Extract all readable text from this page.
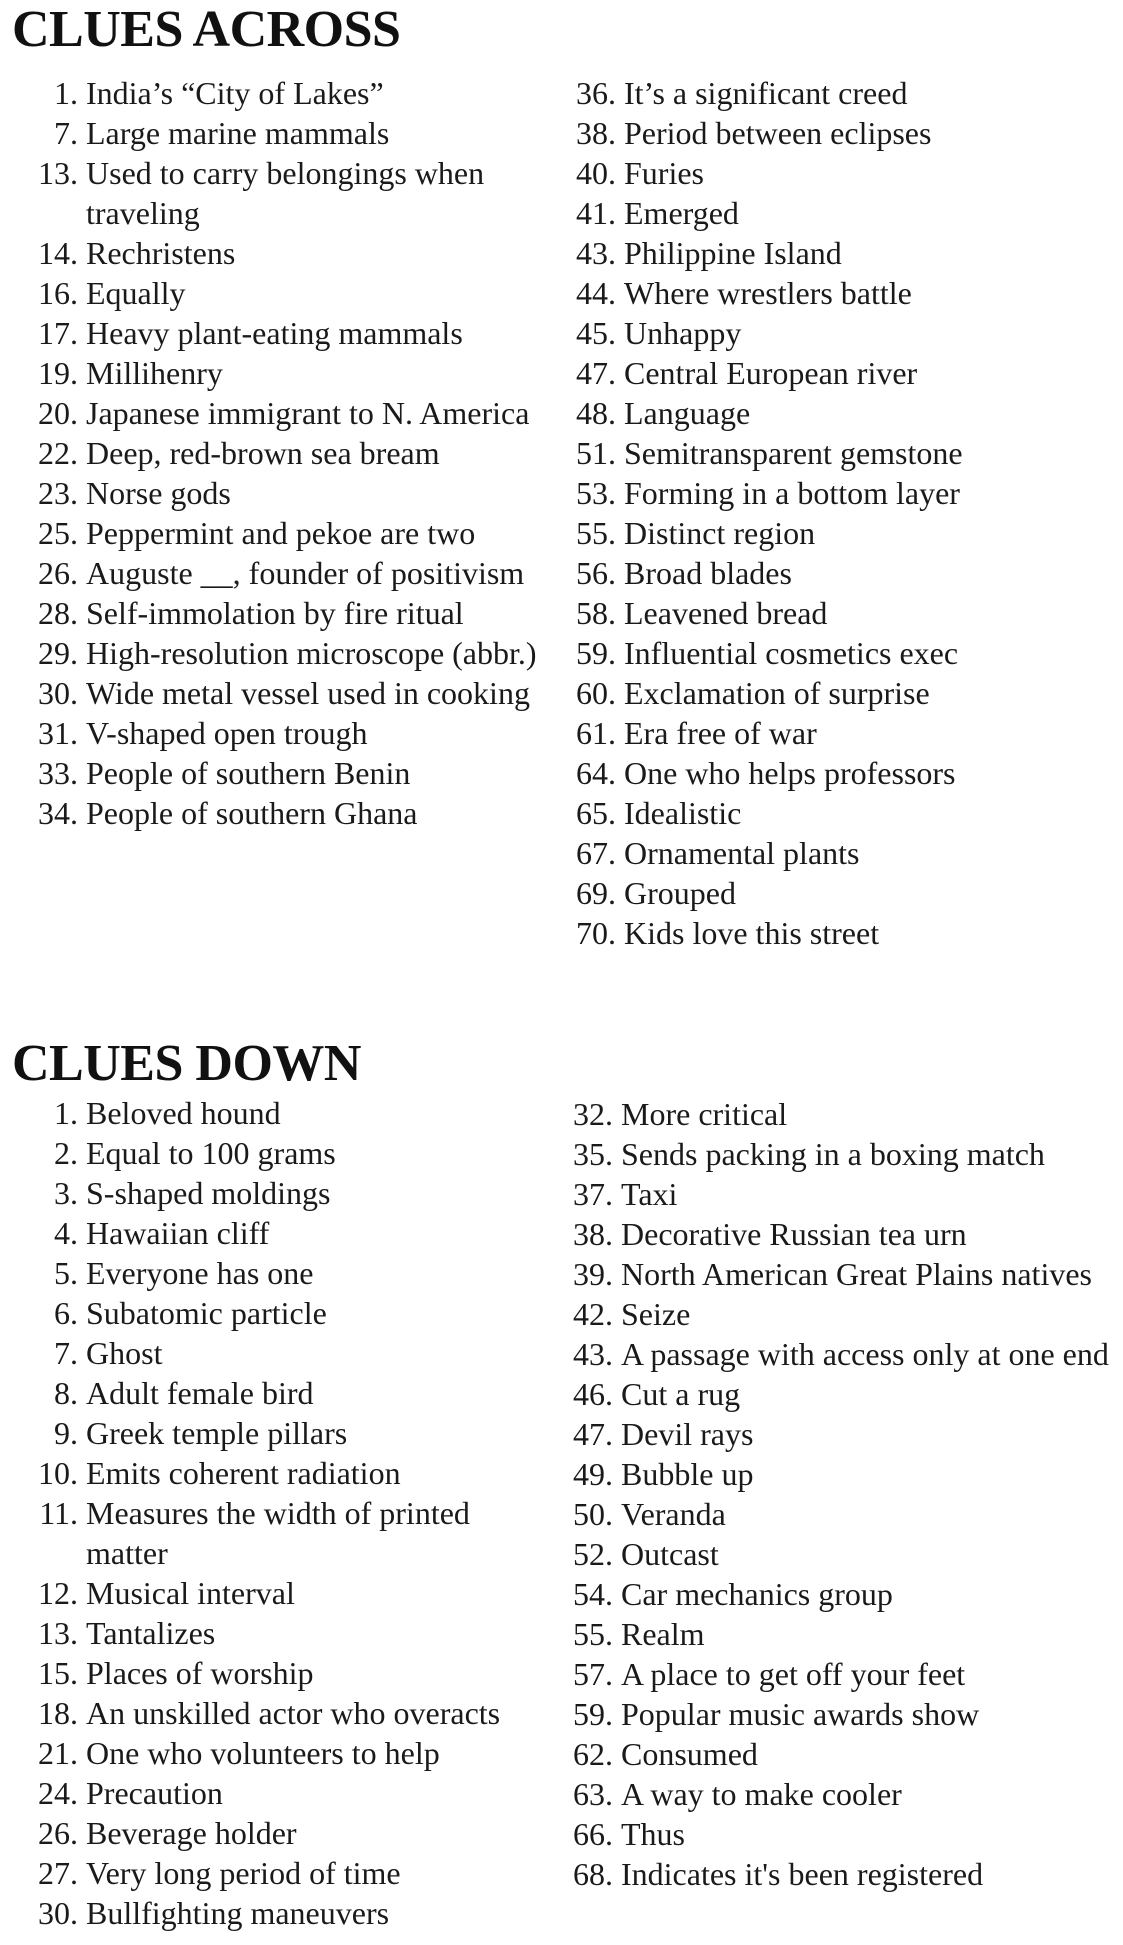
CLUES ACROSS
1. India’s “City of Lakes”
7. Large marine mammals
13. Used to carry belongings when traveling
14. Rechristens
16. Equally
17. Heavy plant-eating mammals
19. Millihenry
20. Japanese immigrant to N. America
22. Deep, red-brown sea bream
23. Norse gods
25. Peppermint and pekoe are two
26. Auguste __, founder of positivism
28. Self-immolation by fire ritual
29. High-resolution microscope (abbr.)
30. Wide metal vessel used in cooking
31. V-shaped open trough
33. People of southern Benin
34. People of southern Ghana
36. It’s a significant creed
38. Period between eclipses
40. Furies
41. Emerged
43. Philippine Island
44. Where wrestlers battle
45. Unhappy
47. Central European river
48. Language
51. Semitransparent gemstone
53. Forming in a bottom layer
55. Distinct region
56. Broad blades
58. Leavened bread
59. Influential cosmetics exec
60. Exclamation of surprise
61. Era free of war
64. One who helps professors
65. Idealistic
67. Ornamental plants
69. Grouped
70. Kids love this street
CLUES DOWN
1. Beloved hound
2. Equal to 100 grams
3. S-shaped moldings
4. Hawaiian cliff
5. Everyone has one
6. Subatomic particle
7. Ghost
8. Adult female bird
9. Greek temple pillars
10. Emits coherent radiation
11. Measures the width of printed matter
12. Musical interval
13. Tantalizes
15. Places of worship
18. An unskilled actor who overacts
21. One who volunteers to help
24. Precaution
26. Beverage holder
27. Very long period of time
30. Bullfighting maneuvers
32. More critical
35. Sends packing in a boxing match
37. Taxi
38. Decorative Russian tea urn
39. North American Great Plains natives
42. Seize
43. A passage with access only at one end
46. Cut a rug
47. Devil rays
49. Bubble up
50. Veranda
52. Outcast
54. Car mechanics group
55. Realm
57. A place to get off your feet
59. Popular music awards show
62. Consumed
63. A way to make cooler
66. Thus
68. Indicates it's been registered
